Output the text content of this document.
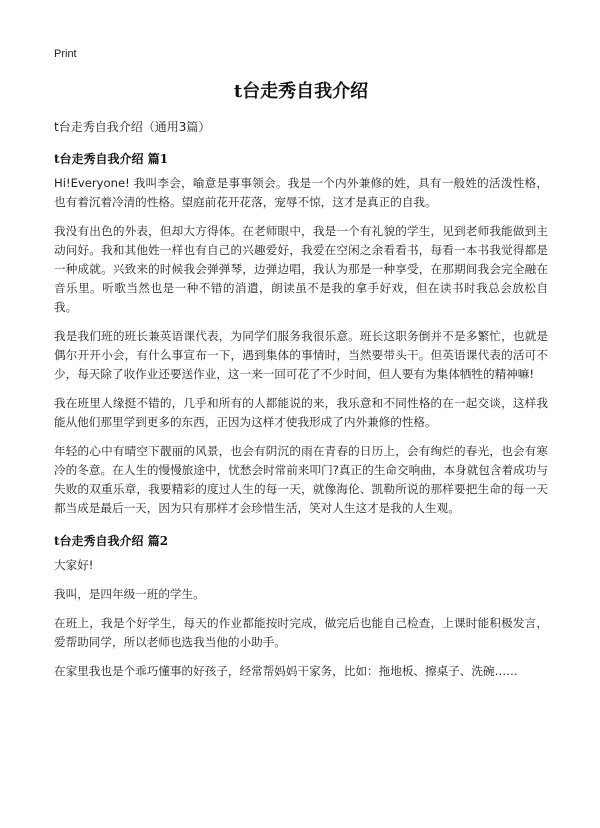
Print
t台走秀自我介绍

t台走秀自我介绍（通用3篇）

t台走秀自我介绍 篇1

Hi!Everyone! 我叫李会，喻意是事事领会。我是一个内外兼修的姓，具有一般姓的活泼性格，也有着沉着冷清的性格。望庭前花开花落，宠辱不惊，这才是真正的自我。

我没有出色的外表，但却大方得体。在老师眼中，我是一个有礼貌的学生，见到老师我能做到主动问好。我和其他姓一样也有自己的兴趣爱好，我爱在空闲之余看看书，每看一本书我觉得都是一种成就。兴致来的时候我会弹弹琴，边弹边唱，我认为那是一种享受，在那期间我会完全融在音乐里。听歌当然也是一种不错的消遣，朗读虽不是我的拿手好戏，但在读书时我总会放松自我。

我是我们班的班长兼英语课代表，为同学们服务我很乐意。班长这职务倒并不是多繁忙，也就是偶尔开开小会，有什么事宣布一下，遇到集体的事情时，当然要带头干。但英语课代表的活可不少，每天除了收作业还要送作业，这一来一回可花了不少时间，但人要有为集体牺牲的精神嘛!

我在班里人缘挺不错的，几乎和所有的人都能说的来，我乐意和不同性格的在一起交谈，这样我能从他们那里学到更多的东西，正因为这样才使我形成了内外兼修的性格。

年轻的心中有晴空下靓丽的风景，也会有阴沉的雨在青春的日历上，会有绚烂的春光，也会有寒冷的冬意。在人生的慢慢旅途中，忧愁会时常前来叩门?真正的生命交响曲，本身就包含着成功与失败的双重乐章，我要精彩的度过人生的每一天，就像海伦、凯勒所说的那样要把生命的每一天都当成是最后一天，因为只有那样才会珍惜生活，笑对人生这才是我的人生观。

t台走秀自我介绍 篇2

大家好!

我叫，是四年级一班的学生。

在班上，我是个好学生，每天的作业都能按时完成，做完后也能自己检查，上课时能积极发言，爱帮助同学，所以老师也选我当他的小助手。

在家里我也是个乖巧懂事的好孩子，经常帮妈妈干家务，比如：拖地板、擦桌子、洗碗……
